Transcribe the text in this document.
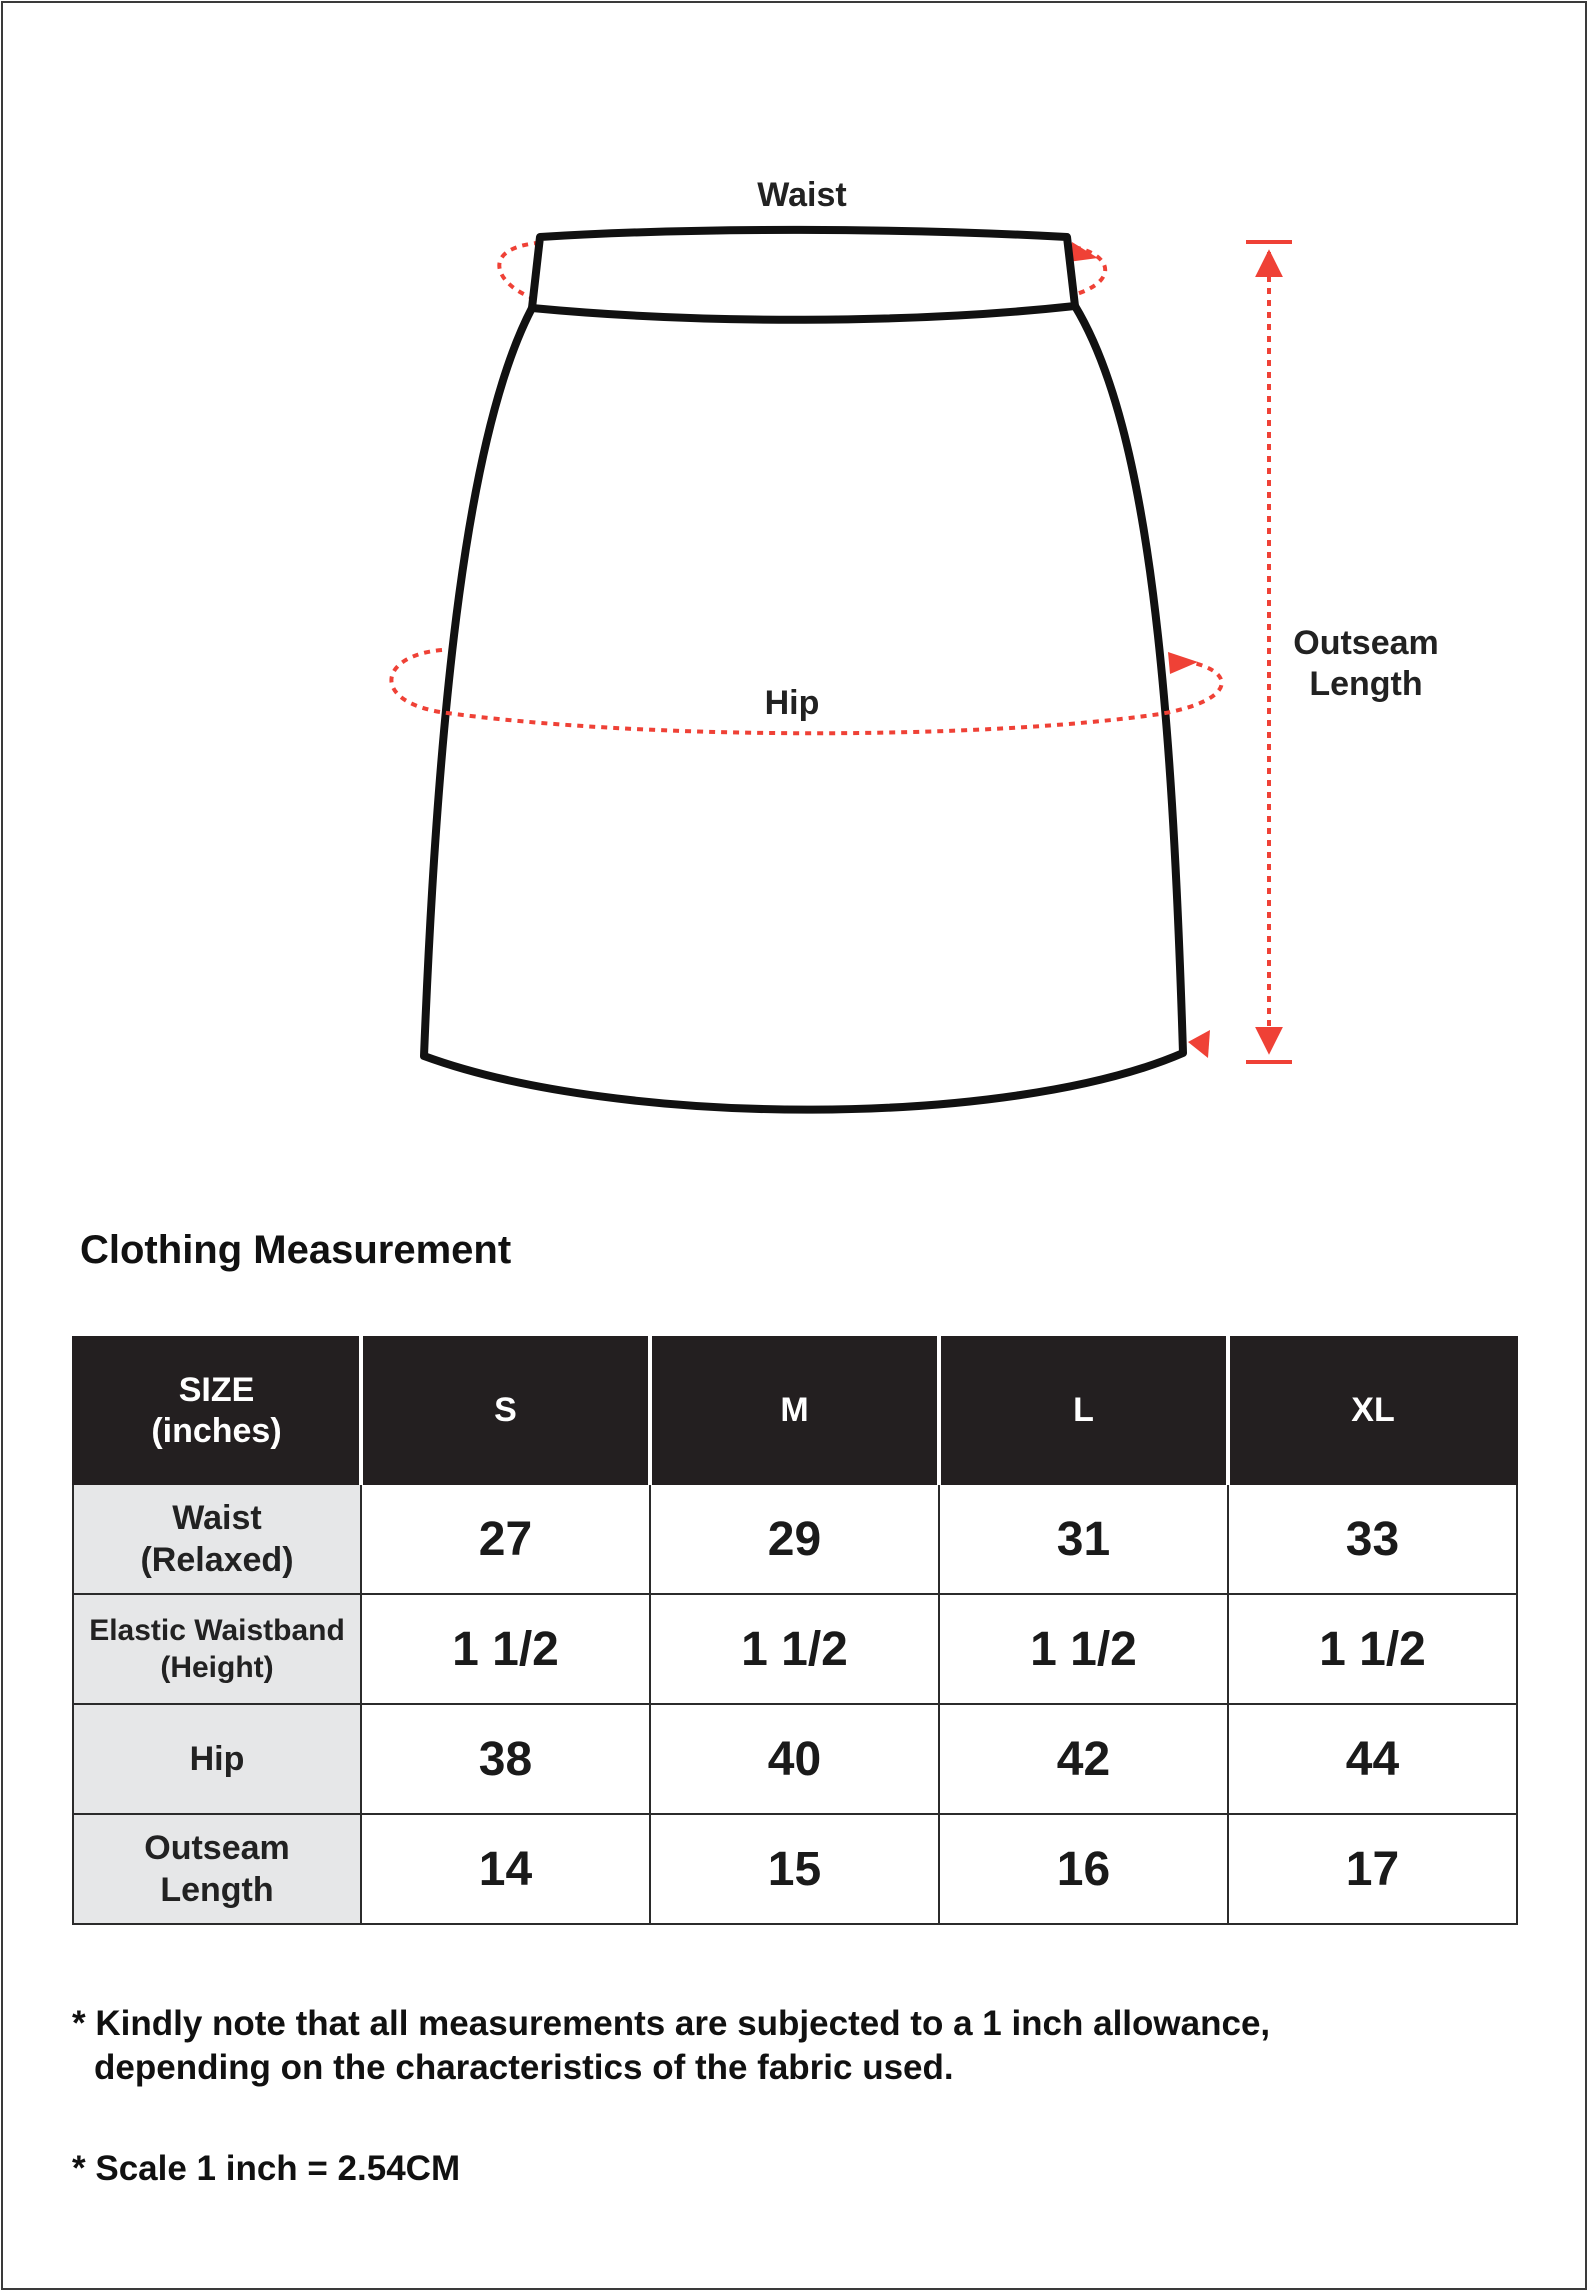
Waist
Hip
Outseam
Length
Clothing Measurement
SIZE
(inches)	S	M	L	XL
Waist
(Relaxed)	27	29	31	33
Elastic Waistband
(Height)	1 1/2	1 1/2	1 1/2	1 1/2
Hip	38	40	42	44
Outseam
Length	14	15	16	17

* Kindly note that all measurements are subjected to a 1 inch allowance,
depending on the characteristics of the fabric used.

* Scale 1 inch = 2.54CM
